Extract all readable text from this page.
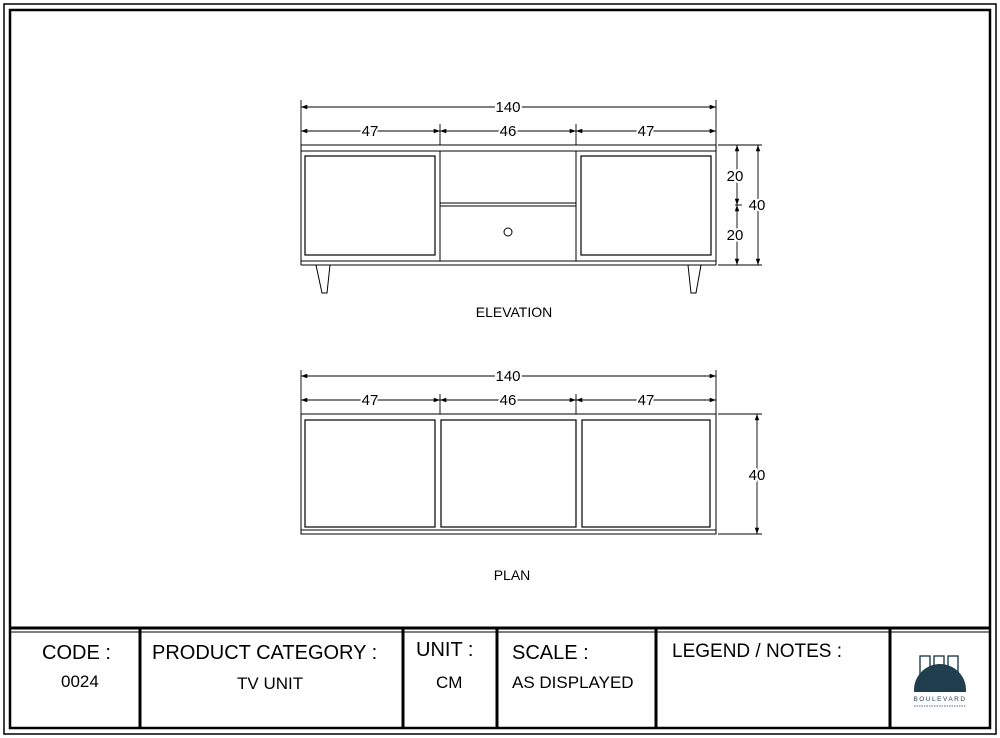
140
47	46	47
20
20
40
ELEVATION
140
47	46	47
40
PLAN
CODE :
0024
PRODUCT CATEGORY :
TV UNIT
UNIT :
CM
SCALE :
AS DISPLAYED
LEGEND / NOTES :
BOULEVARD
